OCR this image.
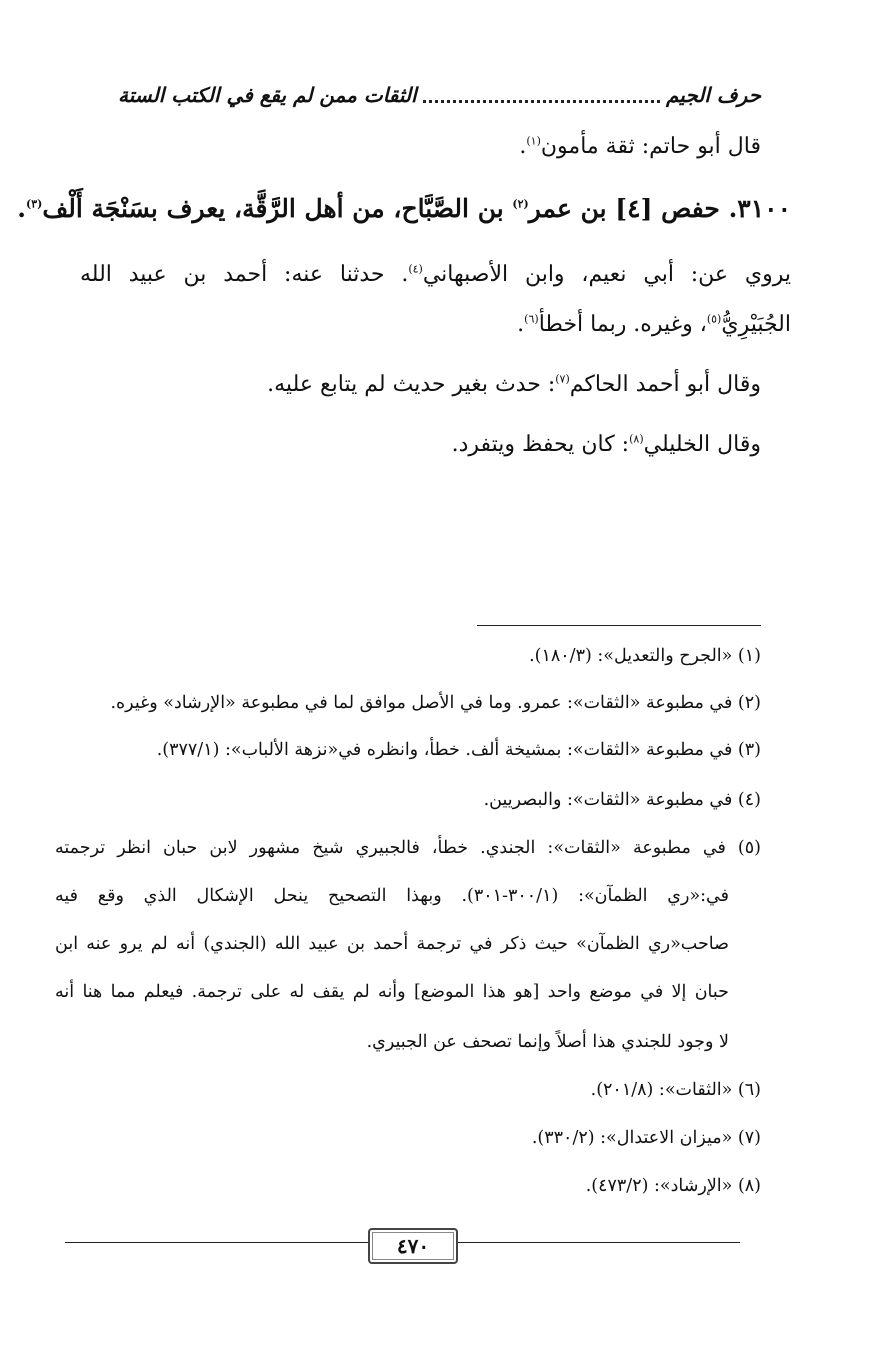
حرف الجيم
الثقات ممن لم يقع في الكتب الستة
قال أبو حاتم: ثقة مأمون$^{(١)}$.
٣١٠٠. حفص [٤] بن عمر$^{(٢)}$ بن الصَّبَّاح، من أهل الرَّقَّة، يعرف بسَنْجَة أَلْف$^{(٣)}$.
يروي عن: أبي نعيم، وابن الأصبهاني$^{(٤)}$. حدثنا عنه: أحمد بن عبيد الله
الجُبَيْرِيُّ$^{(٥)}$، وغيره. ربما أخطأ$^{(٦)}$.
وقال أبو أحمد الحاكم$^{(٧)}$: حدث بغير حديث لم يتابع عليه.
وقال الخليلي$^{(٨)}$: كان يحفظ ويتفرد.
(١) «الجرح والتعديل»: (١٨٠/٣).
(٢) في مطبوعة «الثقات»: عمرو. وما في الأصل موافق لما في مطبوعة «الإرشاد» وغيره.
(٣) في مطبوعة «الثقات»: بمشيخة ألف. خطأ، وانظره في«نزهة الألباب»: (٣٧٧/١).
(٤) في مطبوعة «الثقات»: والبصريين.
(٥) في مطبوعة «الثقات»: الجندي. خطأ، فالجبيري شيخ مشهور لابن حبان انظر ترجمته
في:«ري الظمآن»: (٣٠٠/١-٣٠١). وبهذا التصحيح ينحل الإشكال الذي وقع فيه
صاحب«ري الظمآن» حيث ذكر في ترجمة أحمد بن عبيد الله (الجندي) أنه لم يرو عنه ابن
حبان إلا في موضع واحد [هو هذا الموضع] وأنه لم يقف له على ترجمة. فيعلم مما هنا أنه
لا وجود للجندي هذا أصلاً وإنما تصحف عن الجبيري.
(٦) «الثقات»: (٢٠١/٨).
(٧) «ميزان الاعتدال»: (٣٣٠/٢).
(٨) «الإرشاد»: (٤٧٣/٢).
٤٧٠
